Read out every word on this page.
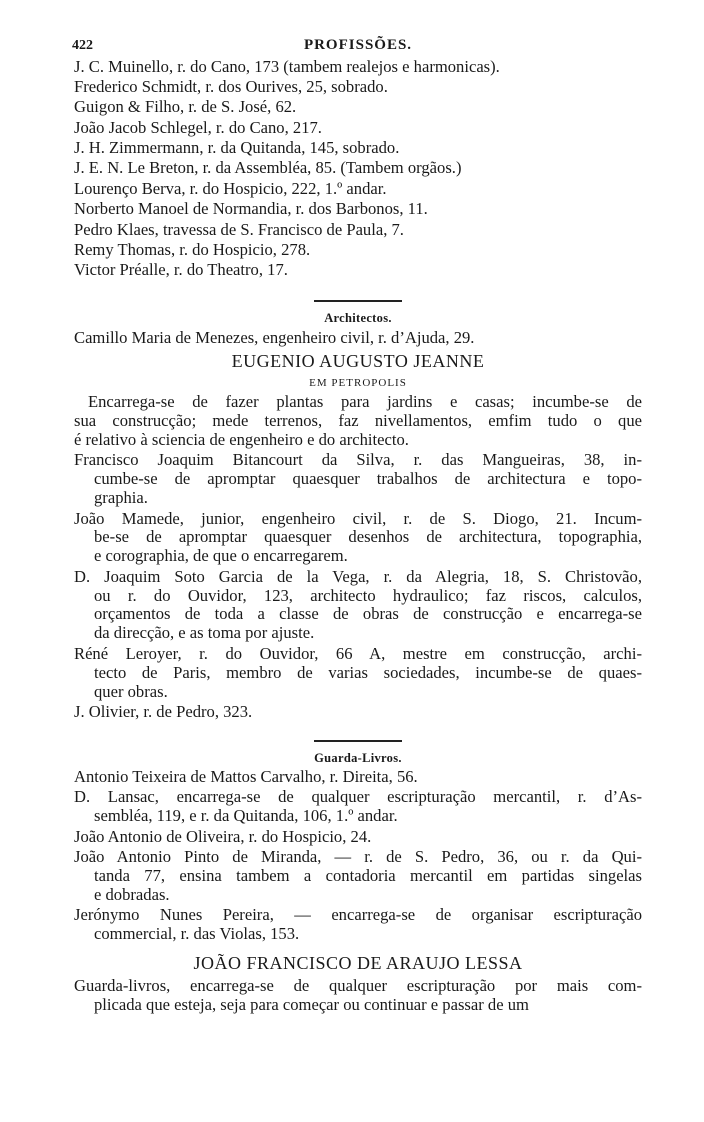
422	PROFISSÕES.
J. C. Muinello, r. do Cano, 173 (tambem realejos e harmonicas).
Frederico Schmidt, r. dos Ourives, 25, sobrado.
Guigon & Filho, r. de S. José, 62.
João Jacob Schlegel, r. do Cano, 217.
J. H. Zimmermann, r. da Quitanda, 145, sobrado.
J. E. N. Le Breton, r. da Assembléa, 85. (Tambem orgãos.)
Lourenço Berva, r. do Hospicio, 222, 1.º andar.
Norberto Manoel de Normandia, r. dos Barbonos, 11.
Pedro Klaes, travessa de S. Francisco de Paula, 7.
Remy Thomas, r. do Hospicio, 278.
Victor Préalle, r. do Theatro, 17.
Architectos.
Camillo Maria de Menezes, engenheiro civil, r. d’Ajuda, 29.
EUGENIO AUGUSTO JEANNE
EM PETROPOLIS
Encarrega-se de fazer plantas para jardins e casas; incumbe-se de
sua construcção; mede terrenos, faz nivellamentos, emfim tudo o que
é relativo à sciencia de engenheiro e do architecto.
Francisco Joaquim Bitancourt da Silva, r. das Mangueiras, 38, in-
cumbe-se de apromptar quaesquer trabalhos de architectura e topo-
graphia.
João Mamede, junior, engenheiro civil, r. de S. Diogo, 21. Incum-
be-se de apromptar quaesquer desenhos de architectura, topographia,
e corographia, de que o encarregarem.
D. Joaquim Soto Garcia de la Vega, r. da Alegria, 18, S. Christovão,
ou r. do Ouvidor, 123, architecto hydraulico; faz riscos, calculos,
orçamentos de toda a classe de obras de construcção e encarrega-se
da direcção, e as toma por ajuste.
Réné Leroyer, r. do Ouvidor, 66 A, mestre em construcção, archi-
tecto de Paris, membro de varias sociedades, incumbe-se de quaes-
quer obras.
J. Olivier, r. de Pedro, 323.
Guarda-Livros.
Antonio Teixeira de Mattos Carvalho, r. Direita, 56.
D. Lansac, encarrega-se de qualquer escripturação mercantil, r. d’As-
sembléa, 119, e r. da Quitanda, 106, 1.º andar.
João Antonio de Oliveira, r. do Hospicio, 24.
João Antonio Pinto de Miranda, — r. de S. Pedro, 36, ou r. da Qui-
tanda 77, ensina tambem a contadoria mercantil em partidas singelas
e dobradas.
Jerónymo Nunes Pereira, — encarrega-se de organisar escripturação
commercial, r. das Violas, 153.
JOÃO FRANCISCO DE ARAUJO LESSA
Guarda-livros, encarrega-se de qualquer escripturação por mais com-
plicada que esteja, seja para começar ou continuar e passar de um
